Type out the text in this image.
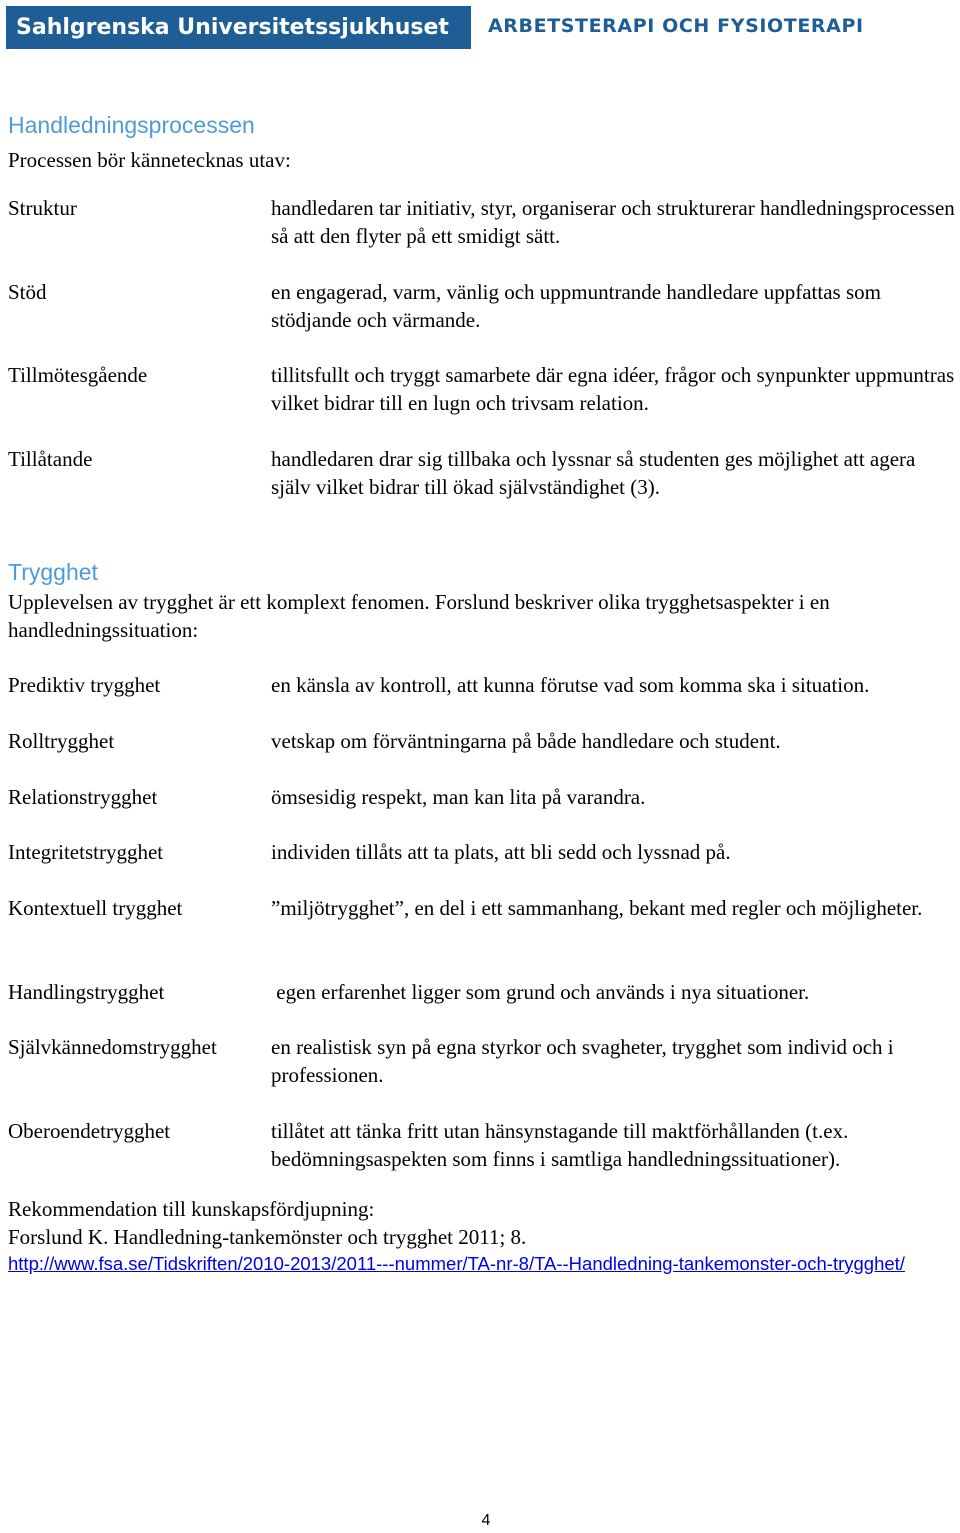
Sahlgrenska Universitetssjukhuset	ARBETSTERAPI OCH FYSIOTERAPI
Handledningsprocessen
Processen bör kännetecknas utav:
Struktur	handledaren tar initiativ, styr, organiserar och strukturerar handledningsprocessen så att den flyter på ett smidigt sätt.
Stöd	en engagerad, varm, vänlig och uppmuntrande handledare uppfattas som stödjande och värmande.
Tillmötesgående	tillitsfullt och tryggt samarbete där egna idéer, frågor och synpunkter uppmuntras vilket bidrar till en lugn och trivsam relation.
Tillåtande	handledaren drar sig tillbaka och lyssnar så studenten ges möjlighet att agera själv vilket bidrar till ökad självständighet (3).
Trygghet
Upplevelsen av trygghet är ett komplext fenomen. Forslund beskriver olika trygghetsaspekter i en handledningssituation:
Prediktiv trygghet	en känsla av kontroll, att kunna förutse vad som komma ska i situation.
Rolltrygghet	vetskap om förväntningarna på både handledare och student.
Relationstrygghet	ömsesidig respekt, man kan lita på varandra.
Integritetstrygghet	individen tillåts att ta plats, att bli sedd och lyssnad på.
Kontextuell trygghet	”miljötrygghet”, en del i ett sammanhang, bekant med regler och möjligheter.
Handlingstrygghet	egen erfarenhet ligger som grund och används i nya situationer.
Självkännedomstrygghet	en realistisk syn på egna styrkor och svagheter, trygghet som individ och i professionen.
Oberoendetrygghet	tillåtet att tänka fritt utan hänsynstagande till maktförhållanden (t.ex. bedömningsaspekten som finns i samtliga handledningssituationer).
Rekommendation till kunskapsfördjupning:
Forslund K. Handledning-tankemönster och trygghet 2011; 8.
http://www.fsa.se/Tidskriften/2010-2013/2011---nummer/TA-nr-8/TA--Handledning-tankemonster-och-trygghet/
4
